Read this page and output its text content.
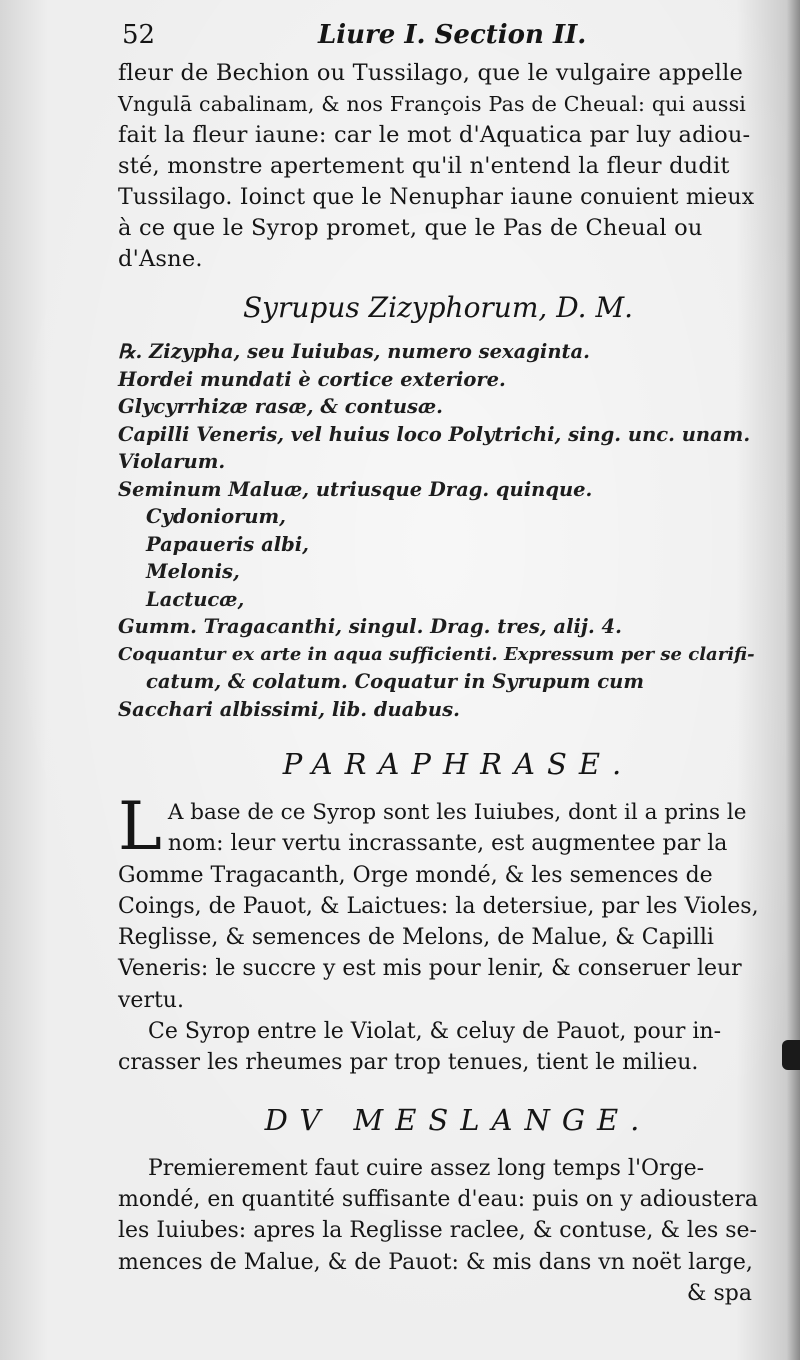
52	Liure I. Section II.
fleur de Bechion ou Tussilago, que le vulgaire appelle
Vngulā cabalinam, & nos François Pas de Cheual: qui aussi
fait la fleur iaune: car le mot d'Aquatica par luy adiou-
sté, monstre apertement qu'il n'entend la fleur dudit
Tussilago. Ioinct que le Nenuphar iaune conuient mieux
à ce que le Syrop promet, que le Pas de Cheual ou
d'Asne.
Syrupus Zizyphorum, D. M.
℞. Zizypha, seu Iuiubas, numero sexaginta.
Hordei mundati è cortice exteriore.
Glycyrrhizæ rasæ, & contusæ.
Capilli Veneris, vel huius loco Polytrichi, sing. unc. unam.
Violarum.
Seminum Maluæ, utriusque Drag. quinque.
Cydoniorum,
Papaueris albi,
Melonis,
Lactucæ,
Gumm. Tragacanthi, singul. Drag. tres, alij. 4.
Coquantur ex arte in aqua sufficienti. Expressum per se clarifi-
catum, & colatum. Coquatur in Syrupum cum
Sacchari albissimi, lib. duabus.
PARAPHRASE.
L A base de ce Syrop sont les Iuiubes, dont il a prins le
nom: leur vertu incrassante, est augmentee par la
Gomme Tragacanth, Orge mondé, & les semences de
Coings, de Pauot, & Laictues: la detersiue, par les Violes,
Reglisse, & semences de Melons, de Malue, & Capilli
Veneris: le succre y est mis pour lenir, & conseruer leur
vertu.
Ce Syrop entre le Violat, & celuy de Pauot, pour in-
crasser les rheumes par trop tenues, tient le milieu.
DV MESLANGE.
Premierement faut cuire assez long temps l'Orge-
mondé, en quantité suffisante d'eau: puis on y adioustera
les Iuiubes: apres la Reglisse raclee, & contuse, & les se-
mences de Malue, & de Pauot: & mis dans vn noët large,
& spa
